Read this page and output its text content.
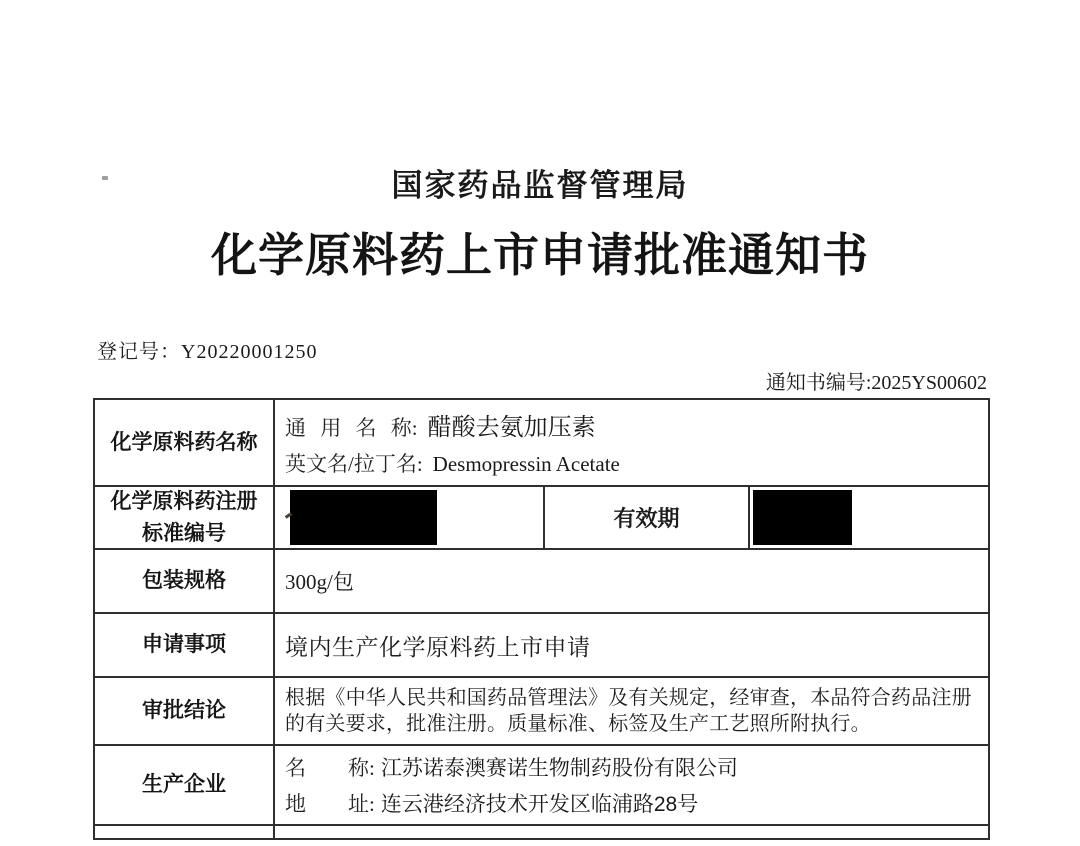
国家药品监督管理局
化学原料药上市申请批准通知书
登记号：Y20220001250
通知书编号:2025YS00602
化学原料药名称
通 用 名 称: 醋酸去氨加压素
英文名/拉丁名: Desmopressin Acetate
化学原料药注册
标准编号
有效期
包装规格	300g/包
申请事项	境内生产化学原料药上市申请
审批结论
根据《中华人民共和国药品管理法》及有关规定，经审查，本品符合药品注册的有关要求，批准注册。质量标准、标签及生产工艺照所附执行。
生产企业
名　　称: 江苏诺泰澳赛诺生物制药股份有限公司
地　　址: 连云港经济技术开发区临浦路28号
